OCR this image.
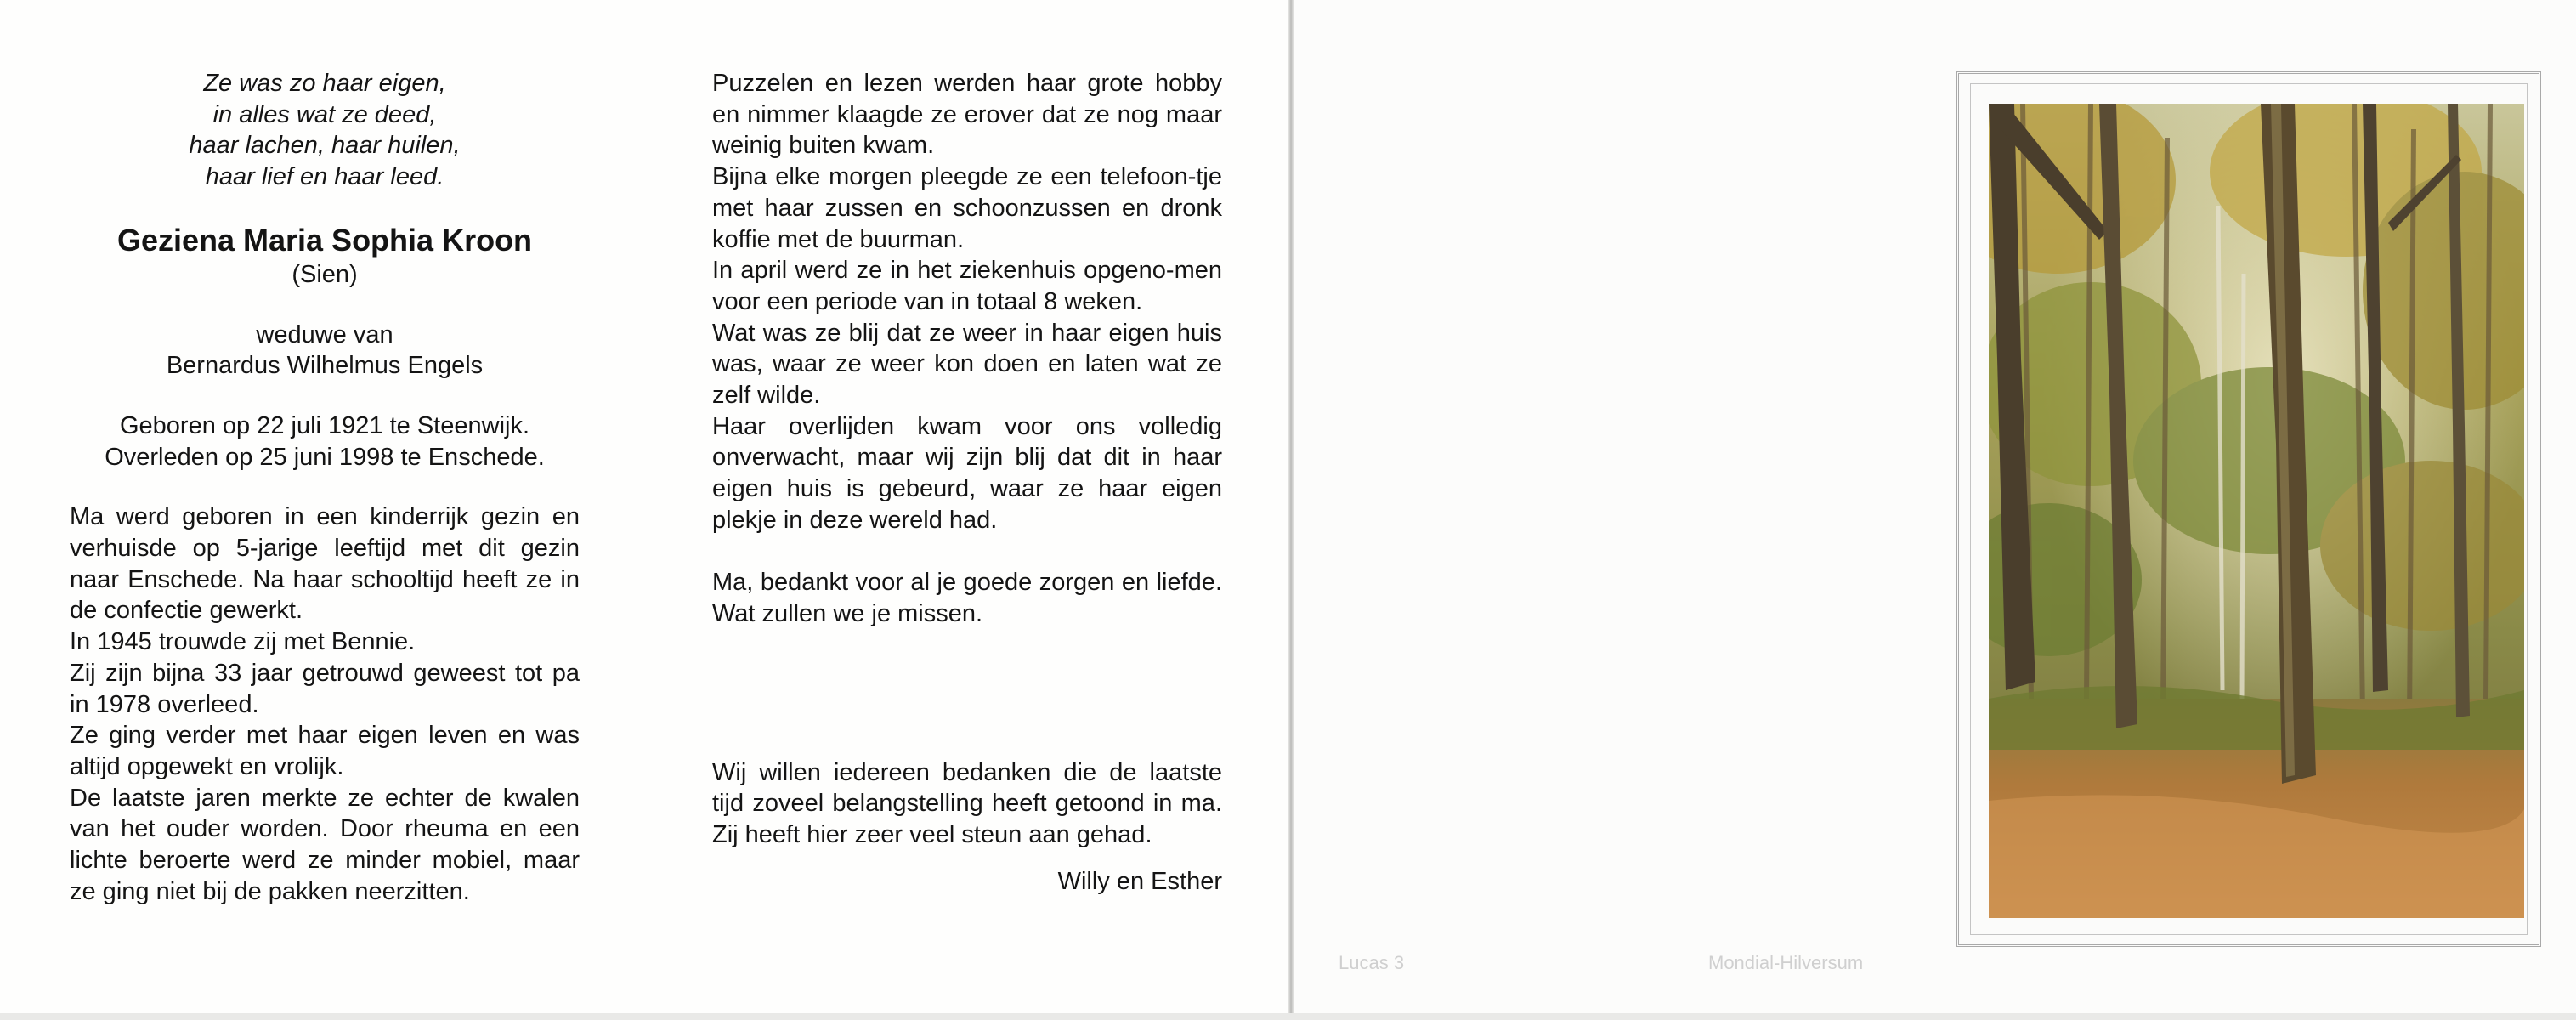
Ze was zo haar eigen,
in alles wat ze deed,
haar lachen, haar huilen,
haar lief en haar leed.
Geziena Maria Sophia Kroon
(Sien)
weduwe van
Bernardus Wilhelmus Engels
Geboren op 22 juli 1921 te Steenwijk.
Overleden op 25 juni 1998 te Enschede.
Ma werd geboren in een kinderrijk gezin en verhuisde op 5-jarige leeftijd met dit gezin naar Enschede. Na haar schooltijd heeft ze in de confectie gewerkt.
In 1945 trouwde zij met Bennie.
Zij zijn bijna 33 jaar getrouwd geweest tot pa in 1978 overleed.
Ze ging verder met haar eigen leven en was altijd opgewekt en vrolijk.
De laatste jaren merkte ze echter de kwalen van het ouder worden. Door rheuma en een lichte beroerte werd ze minder mobiel, maar ze ging niet bij de pakken neerzitten.
Puzzelen en lezen werden haar grote hobby en nimmer klaagde ze erover dat ze nog maar weinig buiten kwam.
Bijna elke morgen pleegde ze een telefoon-tje met haar zussen en schoonzussen en dronk koffie met de buurman.
In april werd ze in het ziekenhuis opgeno-men voor een periode van in totaal 8 weken.
Wat was ze blij dat ze weer in haar eigen huis was, waar ze weer kon doen en laten wat ze zelf wilde.
Haar overlijden kwam voor ons volledig onverwacht, maar wij zijn blij dat dit in haar eigen huis is gebeurd, waar ze haar eigen plekje in deze wereld had.
Ma, bedankt voor al je goede zorgen en liefde. Wat zullen we je missen.
Wij willen iedereen bedanken die de laatste tijd zoveel belangstelling heeft getoond in ma. Zij heeft hier zeer veel steun aan gehad.
Willy en Esther
Lucas 3	Mondial-Hilversum
